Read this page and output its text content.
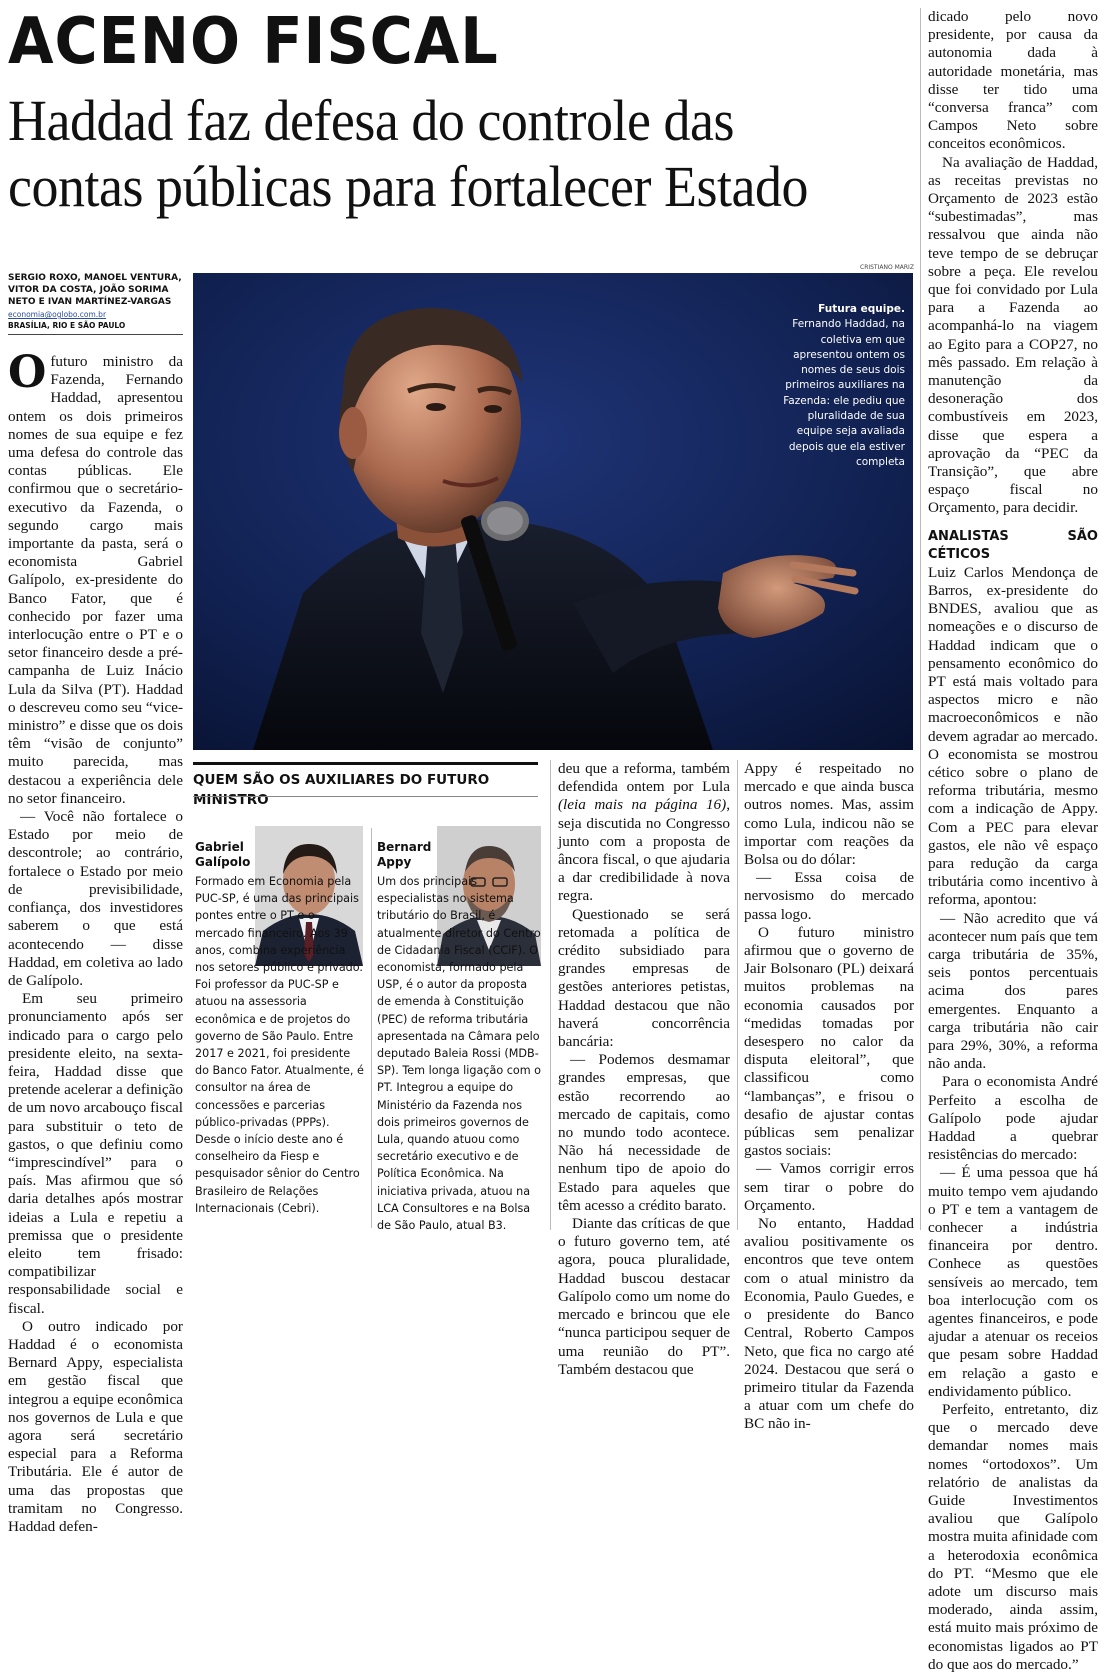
ACENO FISCAL
Haddad faz defesa do controle das contas públicas para fortalecer Estado
SERGIO ROXO, MANOEL VENTURA, VITOR DA COSTA, JOÃO SORIMA NETO E IVAN MARTÍNEZ-VARGAS
economia@oglobo.com.br
BRASÍLIA, RIO E SÃO PAULO

Ofuturo ministro da Fazenda, Fernando Haddad, apresentou ontem os dois primeiros nomes de sua equipe e fez uma defesa do controle das contas públicas. Ele confirmou que o secretário-executivo da Fazenda, o segundo cargo mais importante da pasta, será o economista Gabriel Galípolo, ex-presidente do Banco Fator, que é conhecido por fazer uma interlocução entre o PT e o setor financeiro desde a pré-campanha de Luiz Inácio Lula da Silva (PT). Haddad o descreveu como seu “vice-ministro” e disse que os dois têm “visão de conjunto” muito parecida, mas destacou a experiência dele no setor financeiro.

— Você não fortalece o Estado por meio de descontrole; ao contrário, fortalece o Estado por meio de previsibilidade, confiança, dos investidores saberem o que está acontecendo — disse Haddad, em coletiva ao lado de Galípolo.

Em seu primeiro pronunciamento após ser indicado para o cargo pelo presidente eleito, na sexta-feira, Haddad disse que pretende acelerar a definição de um novo arcabouço fiscal para substituir o teto de gastos, o que definiu como “imprescindível” para o país. Mas afirmou que só daria detalhes após mostrar ideias a Lula e repetiu a premissa que o presidente eleito tem frisado: compatibilizar responsabilidade social e fiscal.

O outro indicado por Haddad é o economista Bernard Appy, especialista em gestão fiscal que integrou a equipe econômica nos governos de Lula e que agora será secretário especial para a Reforma Tributária. Ele é autor de uma das propostas que tramitam no Congresso. Haddad defen-

CRISTIANO MARIZ
Futura equipe.
Fernando Haddad, na coletiva em que apresentou ontem os nomes de seus dois primeiros auxiliares na Fazenda: ele pediu que pluralidade de sua equipe seja avaliada depois que ela estiver completa
QUEM SÃO OS AUXILIARES DO FUTURO MINISTRO
Gabriel Galípolo
Formado em Economia pela PUC-SP, é uma das principais pontes entre o PT e o mercado financeiro. Aos 39 anos, combina experiência nos setores público e privado. Foi professor da PUC-SP e atuou na assessoria econômica e de projetos do governo de São Paulo. Entre 2017 e 2021, foi presidente do Banco Fator. Atualmente, é consultor na área de concessões e parcerias público-privadas (PPPs). Desde o início deste ano é conselheiro da Fiesp e pesquisador sênior do Centro Brasileiro de Relações Internacionais (Cebri).
Bernard Appy
Um dos principais especialistas no sistema tributário do Brasil, é atualmente diretor do Centro de Cidadania Fiscal (CCiF). O economista, formado pela USP, é o autor da proposta de emenda à Constituição (PEC) de reforma tributária apresentada na Câmara pelo deputado Baleia Rossi (MDB-SP). Tem longa ligação com o PT. Integrou a equipe do Ministério da Fazenda nos dois primeiros governos de Lula, quando atuou como secretário executivo e de Política Econômica. Na iniciativa privada, atuou na LCA Consultores e na Bolsa de São Paulo, atual B3.

deu que a reforma, também defendida ontem por Lula (leia mais na página 16), seja discutida no Congresso junto com a proposta de âncora fiscal, o que ajudaria a dar credibilidade à nova regra.

Questionado se será retomada a política de crédito subsidiado para grandes empresas de gestões anteriores petistas, Haddad destacou que não haverá concorrência bancária:

— Podemos desmamar grandes empresas, que estão recorrendo ao mercado de capitais, como no mundo todo acontece. Não há necessidade de nenhum tipo de apoio do Estado para aqueles que têm acesso a crédito barato.

Diante das críticas de que o futuro governo tem, até agora, pouca pluralidade, Haddad buscou destacar Galípolo como um nome do mercado e brincou que ele “nunca participou sequer de uma reunião do PT”. Também destacou que

Appy é respeitado no mercado e que ainda busca outros nomes. Mas, assim como Lula, indicou não se importar com reações da Bolsa ou do dólar:

— Essa coisa de nervosismo do mercado passa logo.

O futuro ministro afirmou que o governo de Jair Bolsonaro (PL) deixará muitos problemas na economia causados por “medidas tomadas por desespero no calor da disputa eleitoral”, que classificou como “lambanças”, e frisou o desafio de ajustar contas públicas sem penalizar gastos sociais:

— Vamos corrigir erros sem tirar o pobre do Orçamento.

No entanto, Haddad avaliou positivamente os encontros que teve ontem com o atual ministro da Economia, Paulo Guedes, e o presidente do Banco Central, Roberto Campos Neto, que fica no cargo até 2024. Destacou que será o primeiro titular da Fazenda a atuar com um chefe do BC não in-

dicado pelo novo presidente, por causa da autonomia dada à autoridade monetária, mas disse ter tido uma “conversa franca” com Campos Neto sobre conceitos econômicos.

Na avaliação de Haddad, as receitas previstas no Orçamento de 2023 estão “subestimadas”, mas ressalvou que ainda não teve tempo de se debruçar sobre a peça. Ele revelou que foi convidado por Lula para a Fazenda ao acompanhá-lo na viagem ao Egito para a COP27, no mês passado. Em relação à manutenção da desoneração dos combustíveis em 2023, disse que espera a aprovação da “PEC da Transição”, que abre espaço fiscal no Orçamento, para decidir.

ANALISTAS SÃO CÉTICOS

Luiz Carlos Mendonça de Barros, ex-presidente do BNDES, avaliou que as nomeações e o discurso de Haddad indicam que o pensamento econômico do PT está mais voltado para aspectos micro e não macroeconômicos e não devem agradar ao mercado. O economista se mostrou cético sobre o plano de reforma tributária, mesmo com a indicação de Appy. Com a PEC para elevar gastos, ele não vê espaço para redução da carga tributária como incentivo à reforma, apontou:

— Não acredito que vá acontecer num país que tem carga tributária de 35%, seis pontos percentuais acima dos pares emergentes. Enquanto a carga tributária não cair para 29%, 30%, a reforma não anda.

Para o economista André Perfeito a escolha de Galípolo pode ajudar Haddad a quebrar resistências do mercado:

— É uma pessoa que há muito tempo vem ajudando o PT e tem a vantagem de conhecer a indústria financeira por dentro. Conhece as questões sensíveis ao mercado, tem boa interlocução com os agentes financeiros, e pode ajudar a atenuar os receios que pesam sobre Haddad em relação a gasto e endividamento público.

Perfeito, entretanto, diz que o mercado deve demandar nomes mais nomes “ortodoxos”. Um relatório de analistas da Guide Investimentos avaliou que Galípolo mostra muita afinidade com a heterodoxia econômica do PT. “Mesmo que ele adote um discurso mais moderado, ainda assim, está muito mais próximo de economistas ligados ao PT do que aos do mercado.”
